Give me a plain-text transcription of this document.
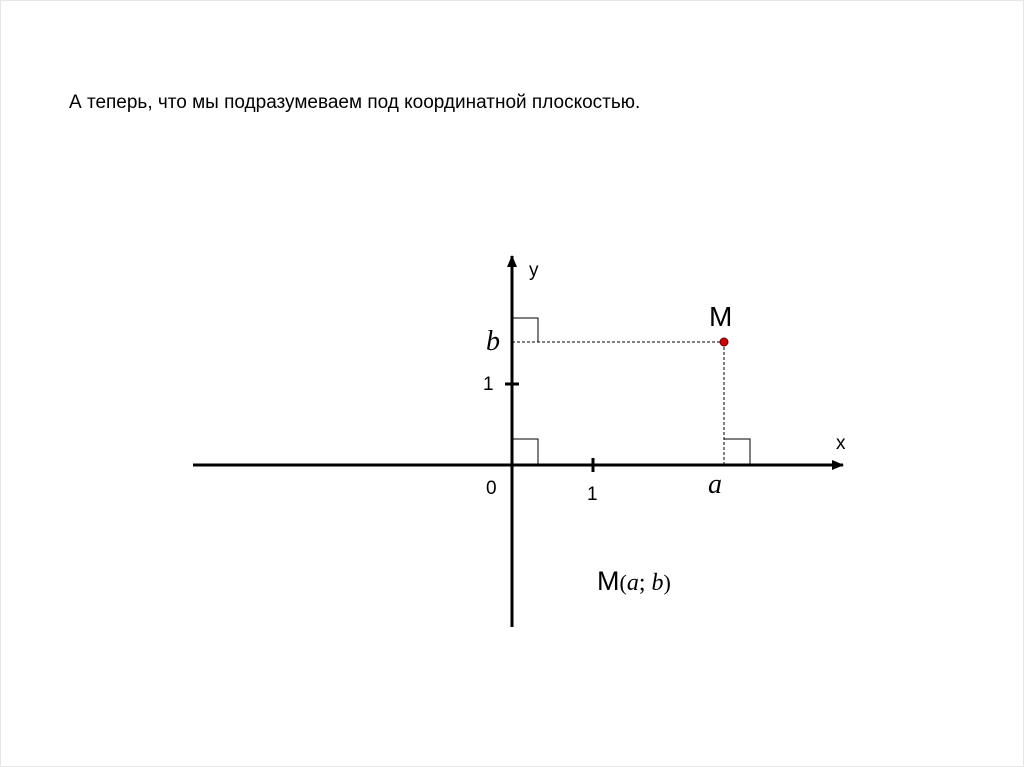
А теперь, что мы подразумеваем под координатной плоскостью.
y
x
0	1
1
M
b
a
M(a; b)
